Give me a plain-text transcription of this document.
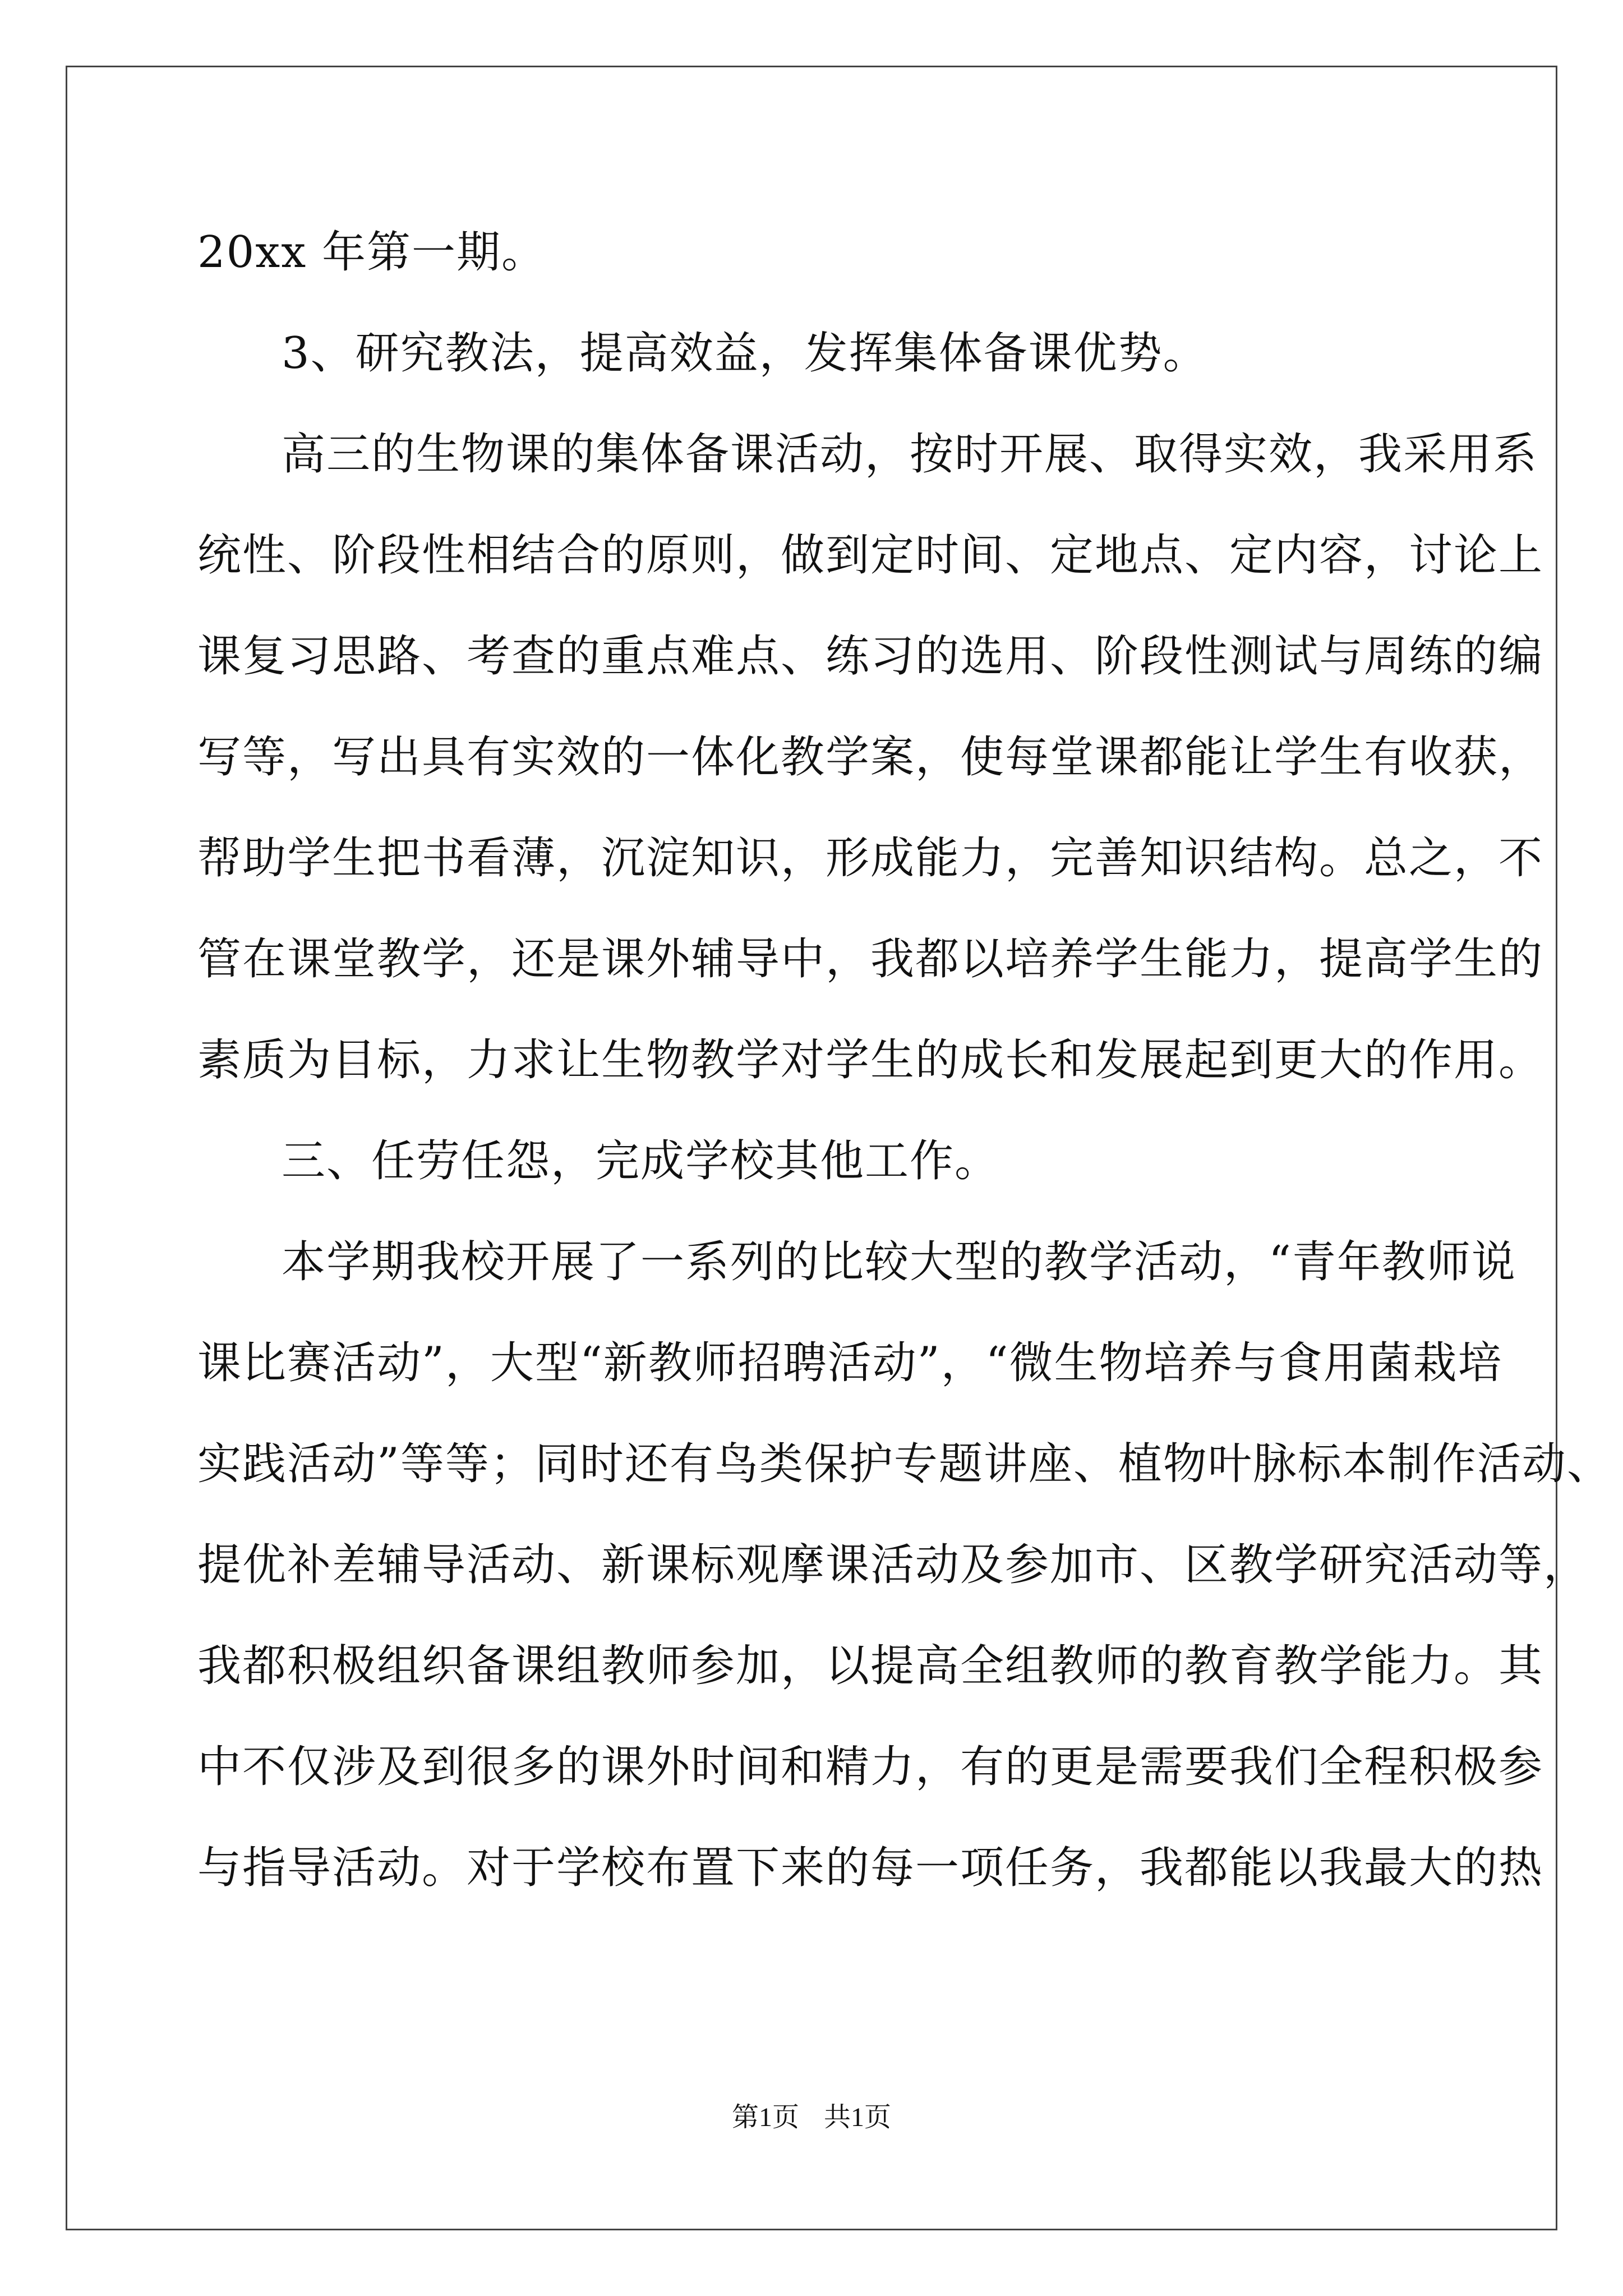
20xx 年第一期。
3、研究教法，提高效益，发挥集体备课优势。
高三的生物课的集体备课活动，按时开展、取得实效，我采用系
统性、阶段性相结合的原则，做到定时间、定地点、定内容，讨论上
课复习思路、考查的重点难点、练习的选用、阶段性测试与周练的编
写等，写出具有实效的一体化教学案，使每堂课都能让学生有收获，
帮助学生把书看薄，沉淀知识，形成能力，完善知识结构。总之，不
管在课堂教学，还是课外辅导中，我都以培养学生能力，提高学生的
素质为目标，力求让生物教学对学生的成长和发展起到更大的作用。
三、任劳任怨，完成学校其他工作。
本学期我校开展了一系列的比较大型的教学活动，“青年教师说
课比赛活动”，大型“新教师招聘活动”，“微生物培养与食用菌栽培
实践活动”等等；同时还有鸟类保护专题讲座、植物叶脉标本制作活动、
提优补差辅导活动、新课标观摩课活动及参加市、区教学研究活动等，
我都积极组织备课组教师参加，以提高全组教师的教育教学能力。其
中不仅涉及到很多的课外时间和精力，有的更是需要我们全程积极参
与指导活动。对于学校布置下来的每一项任务，我都能以我最大的热
第1页 共1页
